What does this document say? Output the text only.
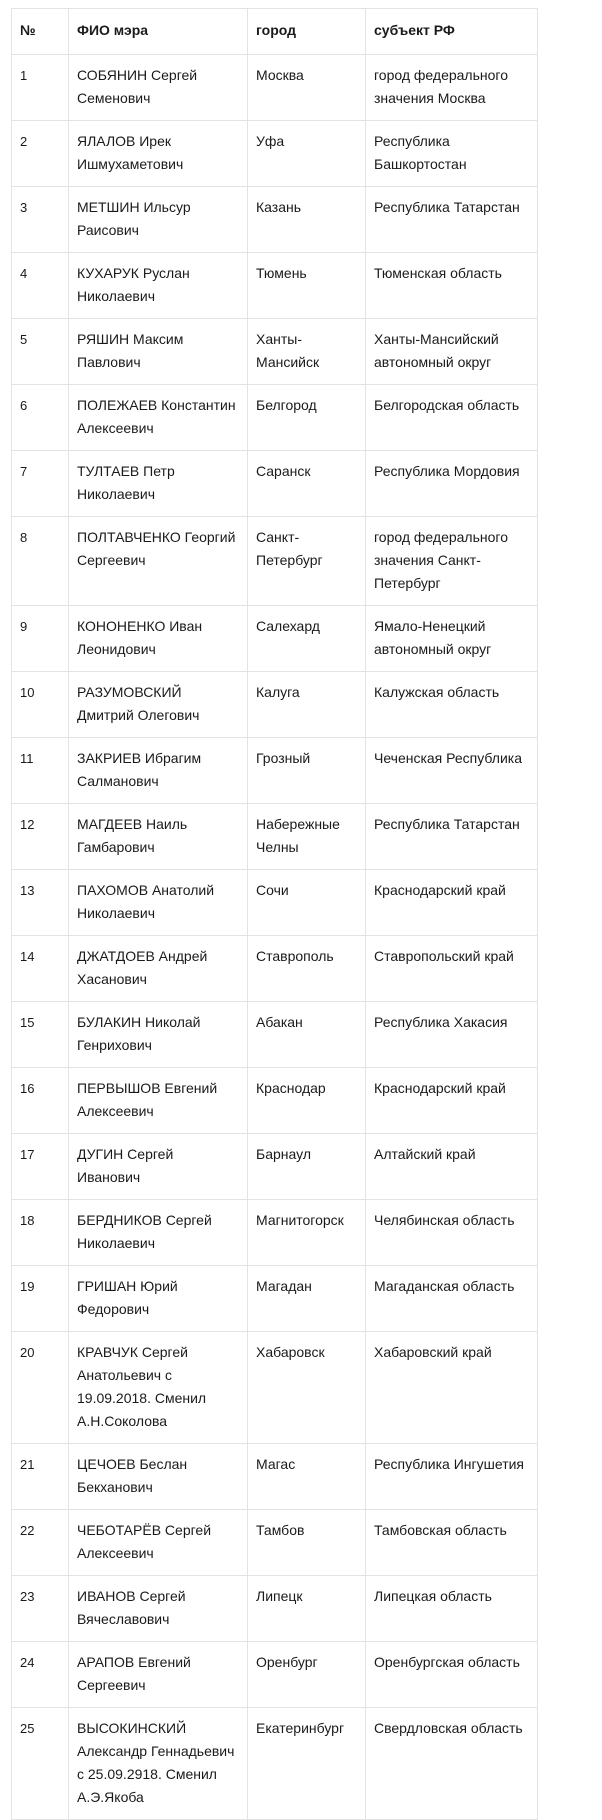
№	ФИО мэра	город	субъект РФ
1	СОБЯНИН Сергей Семенович	Москва	город федерального значения Москва
2	ЯЛАЛОВ Ирек Ишмухаметович	Уфа	Республика Башкортостан
3	МЕТШИН Ильсур Раисович	Казань	Республика Татарстан
4	КУХАРУК Руслан Николаевич	Тюмень	Тюменская область
5	РЯШИН Максим Павлович	Ханты-Мансийск	Ханты-Мансийский автономный округ
6	ПОЛЕЖАЕВ Константин Алексеевич	Белгород	Белгородская область
7	ТУЛТАЕВ Петр Николаевич	Саранск	Республика Мордовия
8	ПОЛТАВЧЕНКО Георгий Сергеевич	Санкт-Петербург	город федерального значения Санкт-Петербург
9	КОНОНЕНКО Иван Леонидович	Салехард	Ямало-Ненецкий автономный округ
10	РАЗУМОВСКИЙ Дмитрий Олегович	Калуга	Калужская область
11	ЗАКРИЕВ Ибрагим Салманович	Грозный	Чеченская Республика
12	МАГДЕЕВ Наиль Гамбарович	Набережные Челны	Республика Татарстан
13	ПАХОМОВ Анатолий Николаевич	Сочи	Краснодарский край
14	ДЖАТДОЕВ Андрей Хасанович	Ставрополь	Ставропольский край
15	БУЛАКИН Николай Генрихович	Абакан	Республика Хакасия
16	ПЕРВЫШОВ Евгений Алексеевич	Краснодар	Краснодарский край
17	ДУГИН Сергей Иванович	Барнаул	Алтайский край
18	БЕРДНИКОВ Сергей Николаевич	Магнитогорск	Челябинская область
19	ГРИШАН Юрий Федорович	Магадан	Магаданская область
20	КРАВЧУК Сергей Анатольевич с 19.09.2018. Сменил А.Н.Соколова	Хабаровск	Хабаровский край
21	ЦЕЧОЕВ Беслан Бекханович	Магас	Республика Ингушетия
22	ЧЕБОТАРЁВ Сергей Алексеевич	Тамбов	Тамбовская область
23	ИВАНОВ Сергей Вячеславович	Липецк	Липецкая область
24	АРАПОВ Евгений Сергеевич	Оренбург	Оренбургская область
25	ВЫСОКИНСКИЙ Александр Геннадьевич с 25.09.2918. Сменил А.Э.Якоба	Екатеринбург	Свердловская область
